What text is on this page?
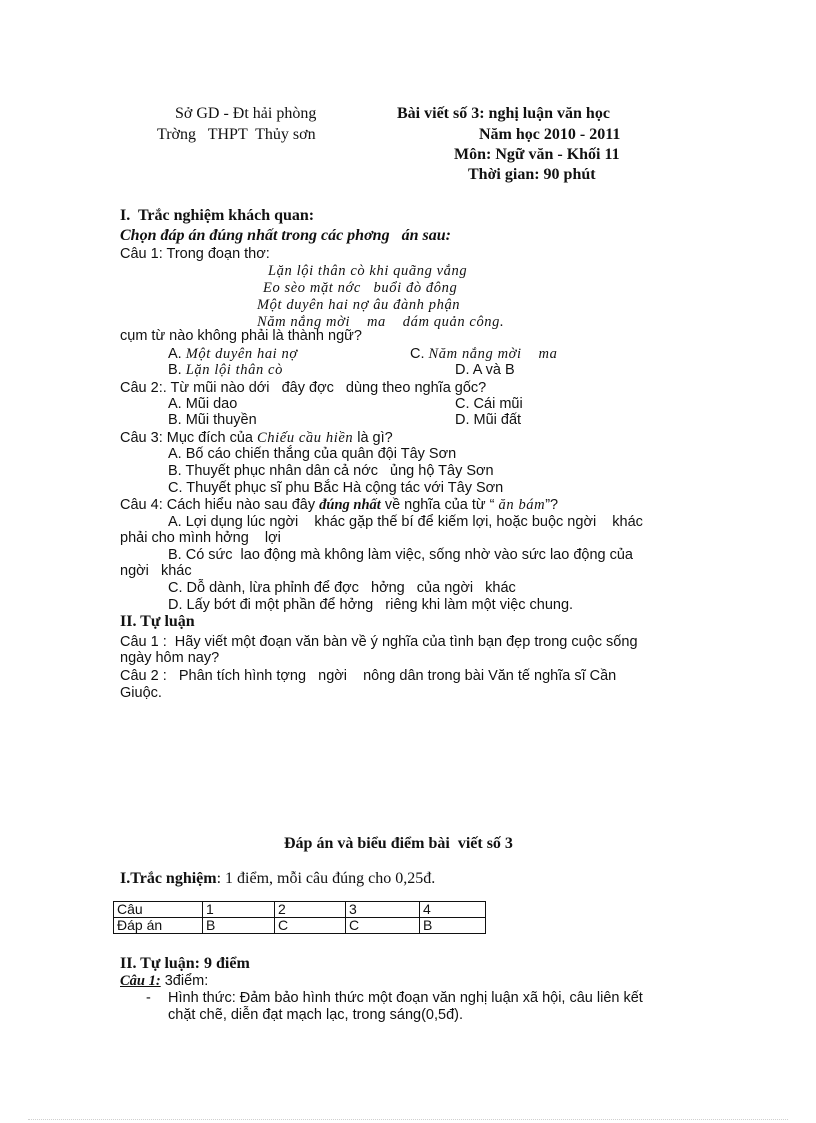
Sở GD - Đt hải phòng
Trờng   THPT  Thủy sơn
Bài viết số 3: nghị luận văn học
Năm học 2010 - 2011
Môn: Ngữ văn - Khối 11
Thời gian: 90 phút
I.  Trắc nghiệm khách quan:
Chọn đáp án đúng nhất trong các phơng   án sau:
Câu 1: Trong đoạn thơ:
Lặn lội thân cò khi quãng vắng
Eo sèo mặt nớc   buổi đò đông
Một duyên hai nợ âu đành phận
Năm nắng mời    ma    dám quản công.
cụm từ nào không phải là thành ngữ?
A. Một duyên hai nợ	C. Năm nắng mời    ma
B. Lặn lội thân cò	D. A và B
Câu 2:. Từ mũi nào dới   đây đợc   dùng theo nghĩa gốc?
A. Mũi dao	C. Cái mũi
B. Mũi thuyền	D. Mũi đất
Câu 3: Mục đích của Chiếu cầu hiền là gì?
A. Bố cáo chiến thắng của quân đội Tây Sơn
B. Thuyết phục nhân dân cả nớc   ủng hộ Tây Sơn
C. Thuyết phục sĩ phu Bắc Hà cộng tác với Tây Sơn
Câu 4: Cách hiểu nào sau đây đúng nhất về nghĩa của từ “ ăn bám”?
A. Lợi dụng lúc ngời    khác gặp thế bí để kiếm lợi, hoặc buộc ngời    khác
phải cho mình hởng    lợi
B. Có sức  lao động mà không làm việc, sống nhờ vào sức lao động của
ngời   khác
C. Dỗ dành, lừa phỉnh để đợc   hởng   của ngời   khác
D. Lấy bớt đi một phần để hởng   riêng khi làm một việc chung.
II. Tự luận
Câu 1 :  Hãy viết một đoạn văn bàn về ý nghĩa của tình bạn đẹp trong cuộc sống
ngày hôm nay?
Câu 2 :   Phân tích hình tợng   ngời    nông dân trong bài Văn tế nghĩa sĩ Cần
Giuộc.
Đáp án và biểu điểm bài  viết số 3
I.Trắc nghiệm: 1 điểm, mỗi câu đúng cho 0,25đ.
Câu	1	2	3	4
Đáp án	B	C	C	B
II. Tự luận: 9 điểm
Câu 1: 3điểm:
- Hình thức: Đảm bảo hình thức một đoạn văn nghị luận xã hội, câu liên kết
chặt chẽ, diễn đạt mạch lạc, trong sáng(0,5đ).
